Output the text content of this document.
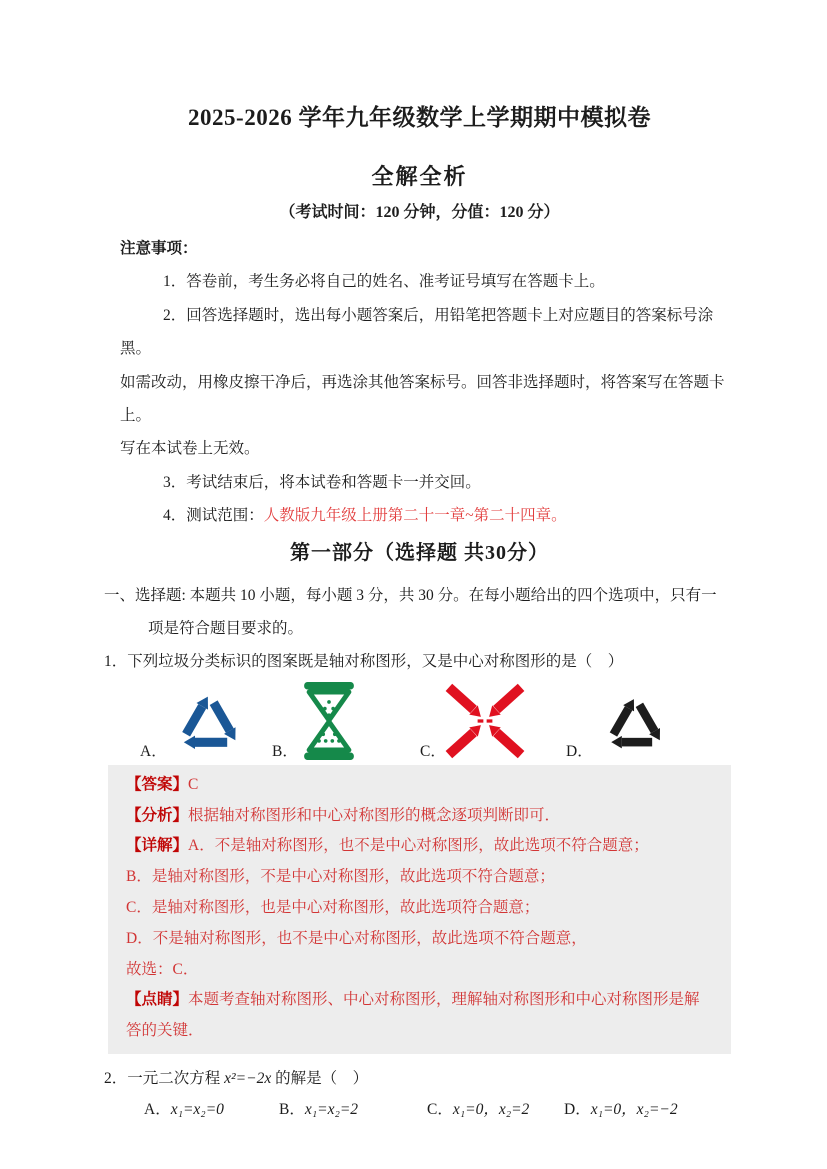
2025-2026 学年九年级数学上学期期中模拟卷
全解全析
（考试时间：120 分钟，分值：120 分）
注意事项：
1．答卷前，考生务必将自己的姓名、准考证号填写在答题卡上。
2．回答选择题时，选出每小题答案后，用铅笔把答题卡上对应题目的答案标号涂黑。
如需改动，用橡皮擦干净后，再选涂其他答案标号。回答非选择题时，将答案写在答题卡上。
写在本试卷上无效。
3．考试结束后，将本试卷和答题卡一并交回。
4．测试范围：人教版九年级上册第二十一章~第二十四章。
第一部分（选择题 共30分）
一、选择题: 本题共 10 小题，每小题 3 分，共 30 分。在每小题给出的四个选项中，只有一
项是符合题目要求的。
1．下列垃圾分类标识的图案既是轴对称图形，又是中心对称图形的是（　）
A．	B．	C．	D．
【答案】C
【分析】根据轴对称图形和中心对称图形的概念逐项判断即可．
【详解】A．不是轴对称图形，也不是中心对称图形，故此选项不符合题意；
B．是轴对称图形，不是中心对称图形，故此选项不符合题意；
C．是轴对称图形，也是中心对称图形，故此选项符合题意；
D．不是轴对称图形，也不是中心对称图形，故此选项不符合题意，
故选：C．
【点睛】本题考查轴对称图形、中心对称图形，理解轴对称图形和中心对称图形是解答的关键．
2．一元二次方程 x²=−2x 的解是（　）
A．x₁=x₂=0	B．x₁=x₂=2	C．x₁=0，x₂=2 D．x₁=0，x₂=−2
